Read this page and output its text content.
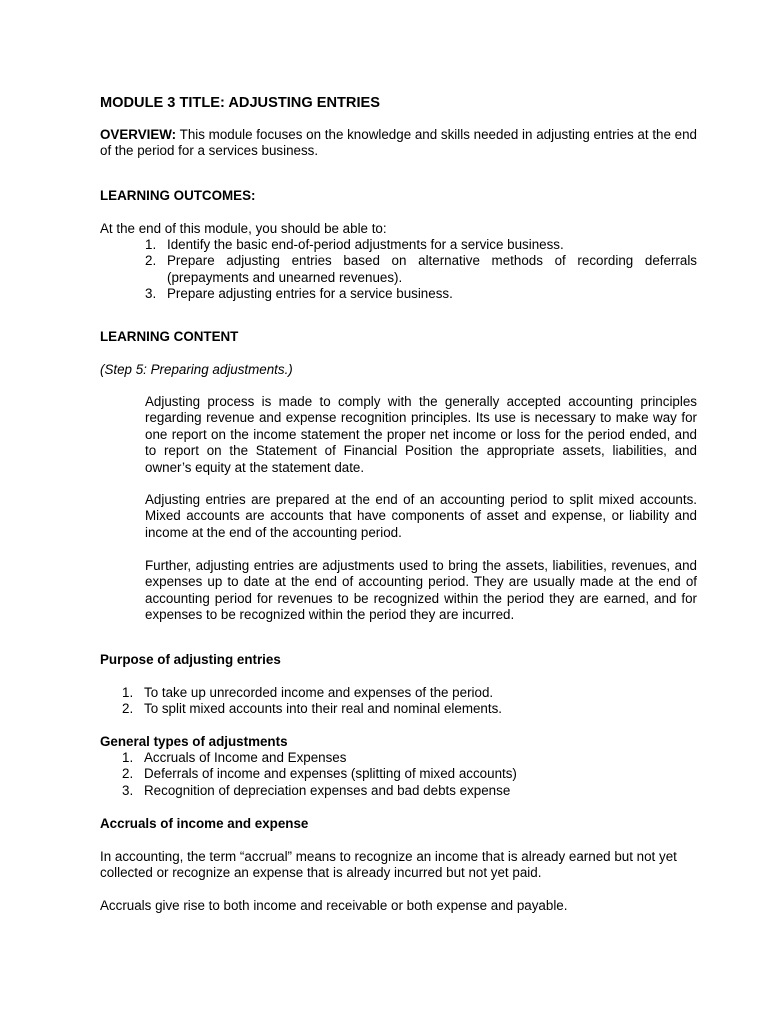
MODULE 3 TITLE: ADJUSTING ENTRIES

OVERVIEW: This module focuses on the knowledge and skills needed in adjusting entries at the end of the period for a services business.

LEARNING OUTCOMES:
At the end of this module, you should be able to:
1. Identify the basic end-of-period adjustments for a service business.
2. Prepare adjusting entries based on alternative methods of recording deferrals (prepayments and unearned revenues).
3. Prepare adjusting entries for a service business.
LEARNING CONTENT
(Step 5: Preparing adjustments.)

Adjusting process is made to comply with the generally accepted accounting principles regarding revenue and expense recognition principles. Its use is necessary to make way for one report on the income statement the proper net income or loss for the period ended, and to report on the Statement of Financial Position the appropriate assets, liabilities, and owner’s equity at the statement date.

Adjusting entries are prepared at the end of an accounting period to split mixed accounts. Mixed accounts are accounts that have components of asset and expense, or liability and income at the end of the accounting period.

Further, adjusting entries are adjustments used to bring the assets, liabilities, revenues, and expenses up to date at the end of accounting period. They are usually made at the end of accounting period for revenues to be recognized within the period they are earned, and for expenses to be recognized within the period they are incurred.

Purpose of adjusting entries
1. To take up unrecorded income and expenses of the period.
2. To split mixed accounts into their real and nominal elements.
General types of adjustments
1. Accruals of Income and Expenses
2. Deferrals of income and expenses (splitting of mixed accounts)
3. Recognition of depreciation expenses and bad debts expense
Accruals of income and expense

In accounting, the term “accrual” means to recognize an income that is already earned but not yet collected or recognize an expense that is already incurred but not yet paid.

Accruals give rise to both income and receivable or both expense and payable.
